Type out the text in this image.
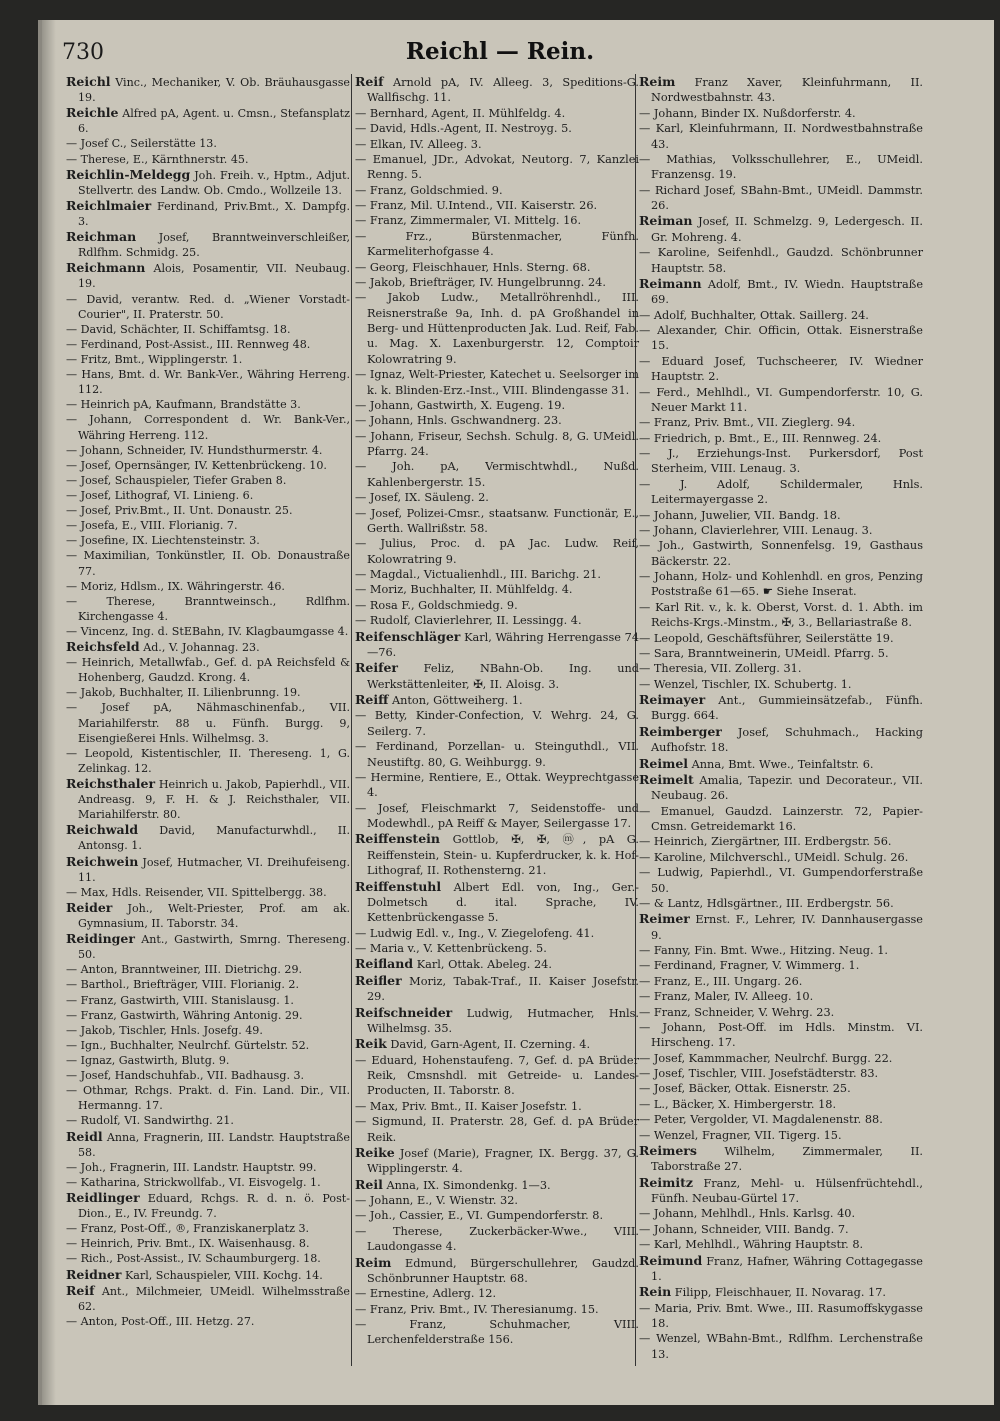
730	Reichl — Rein.

Reichl Vinc., Mechaniker, V. Ob. Bräuhausgasse 19.

Reichle Alfred pA, Agent. u. Cmsn., Stefansplatz 6.

— Josef C., Seilerstätte 13.

— Therese, E., Kärnthnerstr. 45.

Reichlin-Meldegg Joh. Freih. v., Hptm., Adjut. Stellvertr. des Landw. Ob. Cmdo., Wollzeile 13.

Reichlmaier Ferdinand, Priv.Bmt., X. Dampfg. 3.

Reichman Josef, Branntweinverschleißer, Rdlfhm. Schmidg. 25.

Reichmann Alois, Posamentir, VII. Neubaug. 19.

— David, verantw. Red. d. „Wiener Vorstadt-Courier", II. Praterstr. 50.

— David, Schächter, II. Schiffamtsg. 18.

— Ferdinand, Post-Assist., III. Rennweg 48.

— Fritz, Bmt., Wipplingerstr. 1.

— Hans, Bmt. d. Wr. Bank-Ver., Währing Herreng. 112.

— Heinrich pA, Kaufmann, Brandstätte 3.

— Johann, Correspondent d. Wr. Bank-Ver., Währing Herreng. 112.

— Johann, Schneider, IV. Hundsthurmerstr. 4.

— Josef, Opernsänger, IV. Kettenbrückeng. 10.

— Josef, Schauspieler, Tiefer Graben 8.

— Josef, Lithograf, VI. Linieng. 6.

— Josef, Priv.Bmt., II. Unt. Donaustr. 25.

— Josefa, E., VIII. Florianig. 7.

— Josefine, IX. Liechtensteinstr. 3.

— Maximilian, Tonkünstler, II. Ob. Donaustraße 77.

— Moriz, Hdlsm., IX. Währingerstr. 46.

— Therese, Branntweinsch., Rdlfhm. Kirchengasse 4.

— Vincenz, Ing. d. StEBahn, IV. Klagbaumgasse 4.

Reichsfeld Ad., V. Johannag. 23.

— Heinrich, Metallwfab., Gef. d. pA Reichsfeld & Hohenberg, Gaudzd. Krong. 4.

— Jakob, Buchhalter, II. Lilienbrunng. 19.

— Josef pA, Nähmaschinenfab., VII. Mariahilferstr. 88 u. Fünfh. Burgg. 9, Eisengießerei Hnls. Wilhelmsg. 3.

— Leopold, Kistentischler, II. Thereseng. 1, G. Zelinkag. 12.

Reichsthaler Heinrich u. Jakob, Papierhdl., VII. Andreasg. 9, F. H. & J. Reichsthaler, VII. Mariahilferstr. 80.

Reichwald David, Manufacturwhdl., II. Antonsg. 1.

Reichwein Josef, Hutmacher, VI. Dreihufeiseng. 11.

— Max, Hdls. Reisender, VII. Spittelbergg. 38.

Reider Joh., Welt-Priester, Prof. am ak. Gymnasium, II. Taborstr. 34.

Reidinger Ant., Gastwirth, Smrng. Thereseng. 50.

— Anton, Branntweiner, III. Dietrichg. 29.

— Barthol., Briefträger, VIII. Florianig. 2.

— Franz, Gastwirth, VIII. Stanislausg. 1.

— Franz, Gastwirth, Währing Antonig. 29.

— Jakob, Tischler, Hnls. Josefg. 49.

— Ign., Buchhalter, Neulrchf. Gürtelstr. 52.

— Ignaz, Gastwirth, Blutg. 9.

— Josef, Handschuhfab., VII. Badhausg. 3.

— Othmar, Rchgs. Prakt. d. Fin. Land. Dir., VII. Hermanng. 17.

— Rudolf, VI. Sandwirthg. 21.

Reidl Anna, Fragnerin, III. Landstr. Hauptstraße 58.

— Joh., Fragnerin, III. Landstr. Hauptstr. 99.

— Katharina, Strickwollfab., VI. Eisvogelg. 1.

Reidlinger Eduard, Rchgs. R. d. n. ö. Post-Dion., E., IV. Freundg. 7.

— Franz, Post-Off., ®, Franziskanerplatz 3.

— Heinrich, Priv. Bmt., IX. Waisenhausg. 8.

— Rich., Post-Assist., IV. Schaumburgerg. 18.

Reidner Karl, Schauspieler, VIII. Kochg. 14.

Reif Ant., Milchmeier, UMeidl. Wilhelmsstraße 62.

— Anton, Post-Off., III. Hetzg. 27.

Reif Arnold pA, IV. Alleeg. 3, Speditions-G. Wallfischg. 11.

— Bernhard, Agent, II. Mühlfeldg. 4.

— David, Hdls.-Agent, II. Nestroyg. 5.

— Elkan, IV. Alleeg. 3.

— Emanuel, JDr., Advokat, Neutorg. 7, Kanzlei Renng. 5.

— Franz, Goldschmied. 9.

— Franz, Mil. U.Intend., VII. Kaiserstr. 26.

— Franz, Zimmermaler, VI. Mittelg. 16.

— Frz., Bürstenmacher, Fünfh. Karmeliterhofgasse 4.

— Georg, Fleischhauer, Hnls. Sterng. 68.

— Jakob, Briefträger, IV. Hungelbrunng. 24.

— Jakob Ludw., Metallröhrenhdl., III. Reisnerstraße 9a, Inh. d. pA Großhandel in Berg- und Hüttenproducten Jak. Lud. Reif, Fab. u. Mag. X. Laxenburgerstr. 12, Comptoir Kolowratring 9.

— Ignaz, Welt-Priester, Katechet u. Seelsorger im k. k. Blinden-Erz.-Inst., VIII. Blindengasse 31.

— Johann, Gastwirth, X. Eugeng. 19.

— Johann, Hnls. Gschwandnerg. 23.

— Johann, Friseur, Sechsh. Schulg. 8, G. UMeidl. Pfarrg. 24.

— Joh. pA, Vermischtwhdl., Nußd. Kahlenbergerstr. 15.

— Josef, IX. Säuleng. 2.

— Josef, Polizei-Cmsr., staatsanw. Functionär, E., Gerth. Wallrißstr. 58.

— Julius, Proc. d. pA Jac. Ludw. Reif, Kolowratring 9.

— Magdal., Victualienhdl., III. Barichg. 21.

— Moriz, Buchhalter, II. Mühlfeldg. 4.

— Rosa F., Goldschmiedg. 9.

— Rudolf, Clavierlehrer, II. Lessingg. 4.

Reifenschläger Karl, Währing Herrengasse 74—76.

Reifer Feliz, NBahn-Ob. Ing. und Werkstättenleiter, ✠, II. Aloisg. 3.

Reiff Anton, Göttweiherg. 1.

— Betty, Kinder-Confection, V. Wehrg. 24, G. Seilerg. 7.

— Ferdinand, Porzellan- u. Steinguthdl., VII. Neustiftg. 80, G. Weihburgg. 9.

— Hermine, Rentiere, E., Ottak. Weyprechtgasse 4.

— Josef, Fleischmarkt 7, Seidenstoffe- und Modewhdl., pA Reiff & Mayer, Seilergasse 17.

Reiffenstein Gottlob, ✠, ✠, ⓜ, pA G. Reiffenstein, Stein- u. Kupferdrucker, k. k. Hof-Lithograf, II. Rothensterng. 21.

Reiffenstuhl Albert Edl. von, Ing., Ger.-Dolmetsch d. ital. Sprache, IV. Kettenbrückengasse 5.

— Ludwig Edl. v., Ing., V. Ziegelofeng. 41.

— Maria v., V. Kettenbrückeng. 5.

Reifland Karl, Ottak. Abeleg. 24.

Reifler Moriz, Tabak-Traf., II. Kaiser Josefstr. 29.

Reifschneider Ludwig, Hutmacher, Hnls. Wilhelmsg. 35.

Reik David, Garn-Agent, II. Czerning. 4.

— Eduard, Hohenstaufeng. 7, Gef. d. pA Brüder Reik, Cmsnshdl. mit Getreide- u. Landes-Producten, II. Taborstr. 8.

— Max, Priv. Bmt., II. Kaiser Josefstr. 1.

— Sigmund, II. Praterstr. 28, Gef. d. pA Brüder Reik.

Reike Josef (Marie), Fragner, IX. Bergg. 37, G. Wipplingerstr. 4.

Reil Anna, IX. Simondenkg. 1—3.

— Johann, E., V. Wienstr. 32.

— Joh., Cassier, E., VI. Gumpendorferstr. 8.

— Therese, Zuckerbäcker-Wwe., VIII. Laudongasse 4.

Reim Edmund, Bürgerschullehrer, Gaudzd. Schönbrunner Hauptstr. 68.

— Ernestine, Adlerg. 12.

— Franz, Priv. Bmt., IV. Theresianumg. 15.

— Franz, Schuhmacher, VIII. Lerchenfelderstraße 156.

Reim Franz Xaver, Kleinfuhrmann, II. Nordwestbahnstr. 43.

— Johann, Binder IX. Nußdorferstr. 4.

— Karl, Kleinfuhrmann, II. Nordwestbahnstraße 43.

— Mathias, Volksschullehrer, E., UMeidl. Franzensg. 19.

— Richard Josef, SBahn-Bmt., UMeidl. Dammstr. 26.

Reiman Josef, II. Schmelzg. 9, Ledergesch. II. Gr. Mohreng. 4.

— Karoline, Seifenhdl., Gaudzd. Schönbrunner Hauptstr. 58.

Reimann Adolf, Bmt., IV. Wiedn. Hauptstraße 69.

— Adolf, Buchhalter, Ottak. Saillerg. 24.

— Alexander, Chir. Officin, Ottak. Eisnerstraße 15.

— Eduard Josef, Tuchscheerer, IV. Wiedner Hauptstr. 2.

— Ferd., Mehlhdl., VI. Gumpendorferstr. 10, G. Neuer Markt 11.

— Franz, Priv. Bmt., VII. Zieglerg. 94.

— Friedrich, p. Bmt., E., III. Rennweg. 24.

— J., Erziehungs-Inst. Purkersdorf, Post Sterheim, VIII. Lenaug. 3.

— J. Adolf, Schildermaler, Hnls. Leitermayergasse 2.

— Johann, Juwelier, VII. Bandg. 18.

— Johann, Clavierlehrer, VIII. Lenaug. 3.

— Joh., Gastwirth, Sonnenfelsg. 19, Gasthaus Bäckerstr. 22.

— Johann, Holz- und Kohlenhdl. en gros, Penzing Poststraße 61—65. ☛ Siehe Inserat.

— Karl Rit. v., k. k. Oberst, Vorst. d. 1. Abth. im Reichs-Krgs.-Minstm., ✠, 3., Bellariastraße 8.

— Leopold, Geschäftsführer, Seilerstätte 19.

— Sara, Branntweinerin, UMeidl. Pfarrg. 5.

— Theresia, VII. Zollerg. 31.

— Wenzel, Tischler, IX. Schubertg. 1.

Reimayer Ant., Gummieinsätzefab., Fünfh. Burgg. 664.

Reimberger Josef, Schuhmach., Hacking Aufhofstr. 18.

Reimel Anna, Bmt. Wwe., Teinfaltstr. 6.

Reimelt Amalia, Tapezir. und Decorateur., VII. Neubaug. 26.

— Emanuel, Gaudzd. Lainzerstr. 72, Papier-Cmsn. Getreidemarkt 16.

— Heinrich, Ziergärtner, III. Erdbergstr. 56.

— Karoline, Milchverschl., UMeidl. Schulg. 26.

— Ludwig, Papierhdl., VI. Gumpendorferstraße 50.

— & Lantz, Hdlsgärtner., III. Erdbergstr. 56.

Reimer Ernst. F., Lehrer, IV. Dannhausergasse 9.

— Fanny, Fin. Bmt. Wwe., Hitzing. Neug. 1.

— Ferdinand, Fragner, V. Wimmerg. 1.

— Franz, E., III. Ungarg. 26.

— Franz, Maler, IV. Alleeg. 10.

— Franz, Schneider, V. Wehrg. 23.

— Johann, Post-Off. im Hdls. Minstm. VI. Hirscheng. 17.

— Josef, Kammmacher, Neulrchf. Burgg. 22.

— Josef, Tischler, VIII. Josefstädterstr. 83.

— Josef, Bäcker, Ottak. Eisnerstr. 25.

— L., Bäcker, X. Himbergerstr. 18.

— Peter, Vergolder, VI. Magdalenenstr. 88.

— Wenzel, Fragner, VII. Tigerg. 15.

Reimers Wilhelm, Zimmermaler, II. Taborstraße 27.

Reimitz Franz, Mehl- u. Hülsenfrüchtehdl., Fünfh. Neubau-Gürtel 17.

— Johann, Mehlhdl., Hnls. Karlsg. 40.

— Johann, Schneider, VIII. Bandg. 7.

— Karl, Mehlhdl., Währing Hauptstr. 8.

Reimund Franz, Hafner, Währing Cottagegasse 1.

Rein Filipp, Fleischhauer, II. Novarag. 17.

— Maria, Priv. Bmt. Wwe., III. Rasumoffskygasse 18.

— Wenzel, WBahn-Bmt., Rdlfhm. Lerchenstraße 13.
